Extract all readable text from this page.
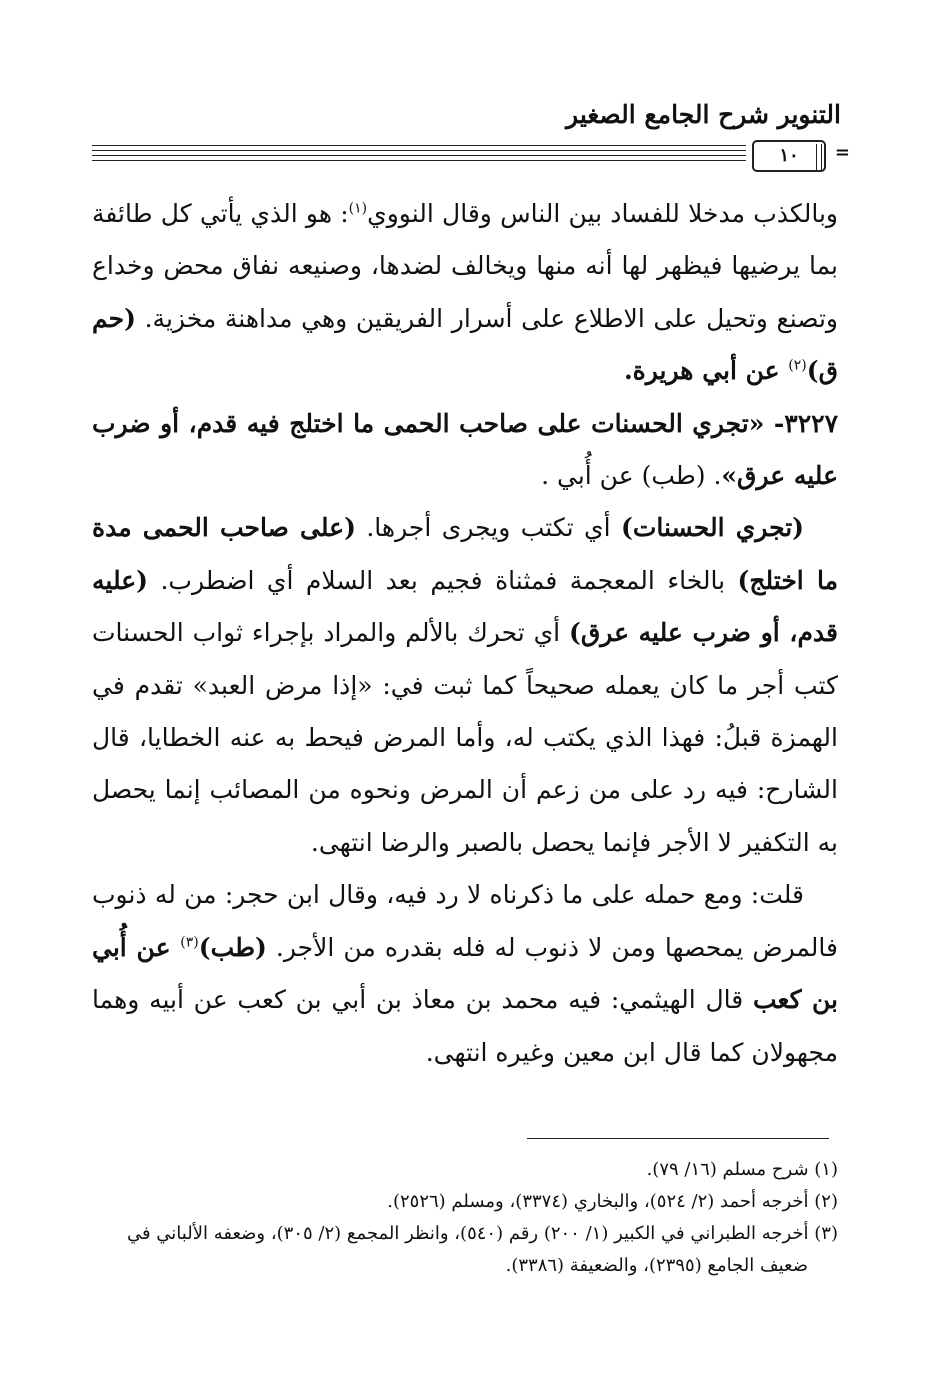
التنوير شرح الجامع الصغير
١٠	=

وبالكذب مدخلا للفساد بين الناس وقال النووي$^{(١)}$: هو الذي يأتي كل طائفة بما يرضيها فيظهر لها أنه منها ويخالف لضدها، وصنيعه نفاق محض وخداع وتصنع وتحيل على الاطلاع على أسرار الفريقين وهي مداهنة مخزية. (حم ق)$^{(٢)}$ عن أبي هريرة.

٣٢٢٧- «تجري الحسنات على صاحب الحمى ما اختلج فيه قدم، أو ضرب عليه عرق». (طب) عن أُبي .

(تجري الحسنات) أي تكتب ويجرى أجرها. (على صاحب الحمى مدة ما اختلج) بالخاء المعجمة فمثناة فجيم بعد السلام أي اضطرب. (عليه قدم، أو ضرب عليه عرق) أي تحرك بالألم والمراد بإجراء ثواب الحسنات كتب أجر ما كان يعمله صحيحاً كما ثبت في: «إذا مرض العبد» تقدم في الهمزة قبلُ: فهذا الذي يكتب له، وأما المرض فيحط به عنه الخطايا، قال الشارح: فيه رد على من زعم أن المرض ونحوه من المصائب إنما يحصل به التكفير لا الأجر فإنما يحصل بالصبر والرضا انتهى.

قلت: ومع حمله على ما ذكرناه لا رد فيه، وقال ابن حجر: من له ذنوب فالمرض يمحصها ومن لا ذنوب له فله بقدره من الأجر. (طب)$^{(٣)}$ عن أُبي بن كعب قال الهيثمي: فيه محمد بن معاذ بن أبي بن كعب عن أبيه وهما مجهولان كما قال ابن معين وغيره انتهى.

(١) شرح مسلم (١٦/ ٧٩).

(٢) أخرجه أحمد (٢/ ٥٢٤)، والبخاري (٣٣٧٤)، ومسلم (٢٥٢٦).

(٣) أخرجه الطبراني في الكبير (١/ ٢٠٠) رقم (٥٤٠)، وانظر المجمع (٢/ ٣٠٥)، وضعفه الألباني في

ضعيف الجامع (٢٣٩٥)، والضعيفة (٣٣٨٦).
